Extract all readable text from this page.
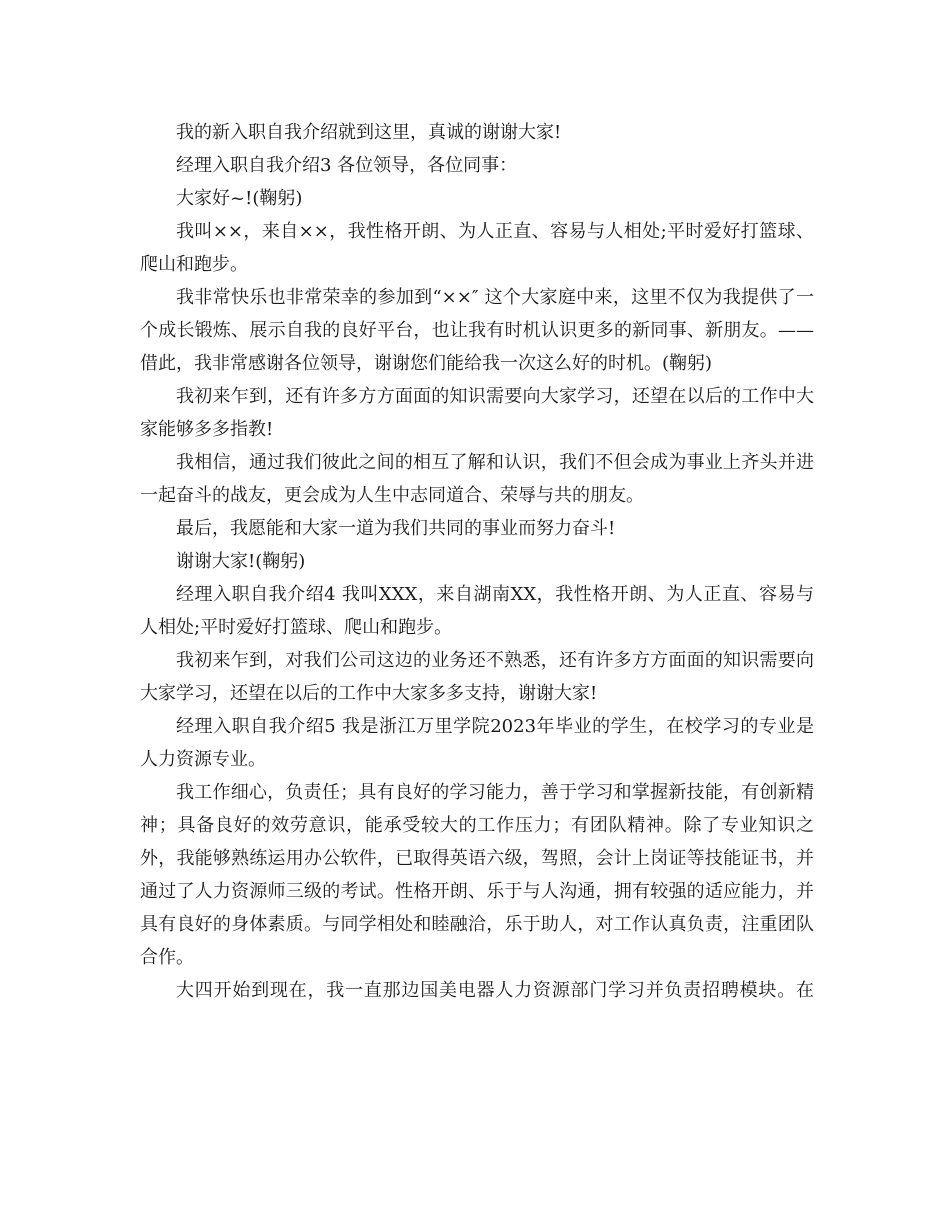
我的新入职自我介绍就到这里，真诚的谢谢大家!

经理入职自我介绍3 各位领导，各位同事：

大家好~!(鞠躬)

我叫××，来自××，我性格开朗、为人正直、容易与人相处;平时爱好打篮球、爬山和跑步。

我非常快乐也非常荣幸的参加到“××″ 这个大家庭中来，这里不仅为我提供了一个成长锻炼、展示自我的良好平台，也让我有时机认识更多的新同事、新朋友。——借此，我非常感谢各位领导，谢谢您们能给我一次这么好的时机。(鞠躬)

我初来乍到，还有许多方方面面的知识需要向大家学习，还望在以后的工作中大家能够多多指教!

我相信，通过我们彼此之间的相互了解和认识，我们不但会成为事业上齐头并进一起奋斗的战友，更会成为人生中志同道合、荣辱与共的朋友。

最后，我愿能和大家一道为我们共同的事业而努力奋斗!

谢谢大家!(鞠躬)

经理入职自我介绍4 我叫XXX，来自湖南XX，我性格开朗、为人正直、容易与人相处;平时爱好打篮球、爬山和跑步。

我初来乍到，对我们公司这边的业务还不熟悉，还有许多方方面面的知识需要向大家学习，还望在以后的工作中大家多多支持，谢谢大家!

经理入职自我介绍5 我是浙江万里学院2023年毕业的学生，在校学习的专业是人力资源专业。

我工作细心，负责任；具有良好的学习能力，善于学习和掌握新技能，有创新精神；具备良好的效劳意识，能承受较大的工作压力；有团队精神。除了专业知识之外，我能够熟练运用办公软件，已取得英语六级，驾照，会计上岗证等技能证书，并通过了人力资源师三级的考试。性格开朗、乐于与人沟通，拥有较强的适应能力，并具有良好的身体素质。与同学相处和睦融洽，乐于助人，对工作认真负责，注重团队合作。

大四开始到现在，我一直那边国美电器人力资源部门学习并负责招聘模块。在
